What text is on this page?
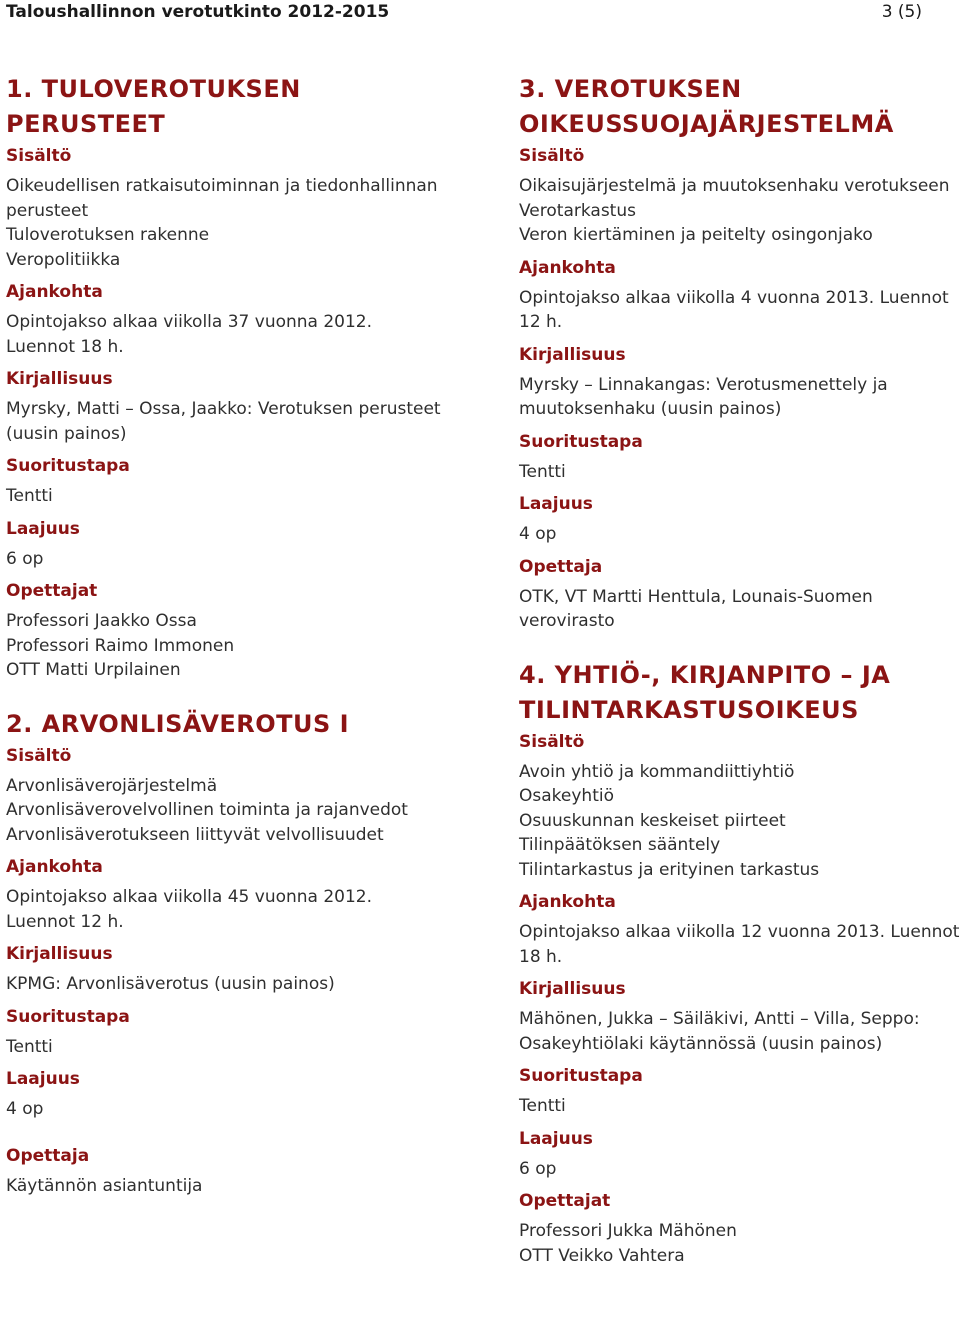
Taloushallinnon verotutkinto 2012-2015	3 (5)
1. TULOVEROTUKSEN PERUSTEET
Sisältö
Oikeudellisen ratkaisutoiminnan ja tiedonhallinnan perusteet
Tuloverotuksen rakenne
Veropolitiikka
Ajankohta
Opintojakso alkaa viikolla 37 vuonna 2012. Luennot 18 h.
Kirjallisuus
Myrsky, Matti – Ossa, Jaakko: Verotuksen perusteet (uusin painos)
Suoritustapa
Tentti
Laajuus
6 op
Opettajat
Professori Jaakko Ossa
Professori Raimo Immonen
OTT Matti Urpilainen
2. ARVONLISÄVEROTUS I
Sisältö
Arvonlisäverojärjestelmä
Arvonlisäverovelvollinen toiminta ja rajanvedot
Arvonlisäverotukseen liittyvät velvollisuudet
Ajankohta
Opintojakso alkaa viikolla 45 vuonna 2012. Luennot 12 h.
Kirjallisuus
KPMG: Arvonlisäverotus (uusin painos)
Suoritustapa
Tentti
Laajuus
4 op
Opettaja
Käytännön asiantuntija
3. VEROTUKSEN OIKEUSSUOJAJÄRJESTELMÄ
Sisältö
Oikaisujärjestelmä ja muutoksenhaku verotukseen
Verotarkastus
Veron kiertäminen ja peitelty osingonjako
Ajankohta
Opintojakso alkaa viikolla 4 vuonna 2013. Luennot 12 h.
Kirjallisuus
Myrsky – Linnakangas: Verotusmenettely ja muutoksenhaku (uusin painos)
Suoritustapa
Tentti
Laajuus
4 op
Opettaja
OTK, VT Martti Henttula, Lounais-Suomen verovirasto
4. YHTIÖ-, KIRJANPITO – JA TILINTARKASTUSOIKEUS
Sisältö
Avoin yhtiö ja kommandiittiyhtiö
Osakeyhtiö
Osuuskunnan keskeiset piirteet
Tilinpäätöksen sääntely
Tilintarkastus ja erityinen tarkastus
Ajankohta
Opintojakso alkaa viikolla 12 vuonna 2013. Luennot 18 h.
Kirjallisuus
Mähönen, Jukka – Säiläkivi, Antti – Villa, Seppo: Osakeyhtiölaki käytännössä (uusin painos)
Suoritustapa
Tentti
Laajuus
6 op
Opettajat
Professori Jukka Mähönen
OTT Veikko Vahtera
